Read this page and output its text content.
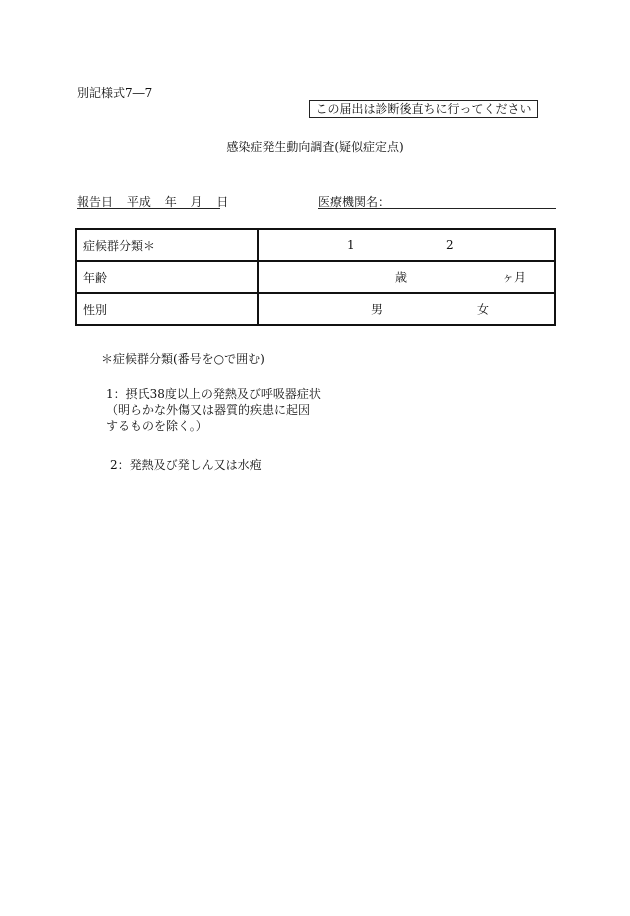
別記様式7―7
この届出は診断後直ちに行ってください
感染症発生動向調査(疑似症定点)
報告日 平成 年 月 日	医療機関名：
症候群分類＊	1 2

年齢	歳 ヶ月

性別	男 女
＊症候群分類(番号を○で囲む)
1：摂氏38度以上の発熱及び呼吸器症状
（明らかな外傷又は器質的疾患に起因
するものを除く。）
2：発熱及び発しん又は水疱
